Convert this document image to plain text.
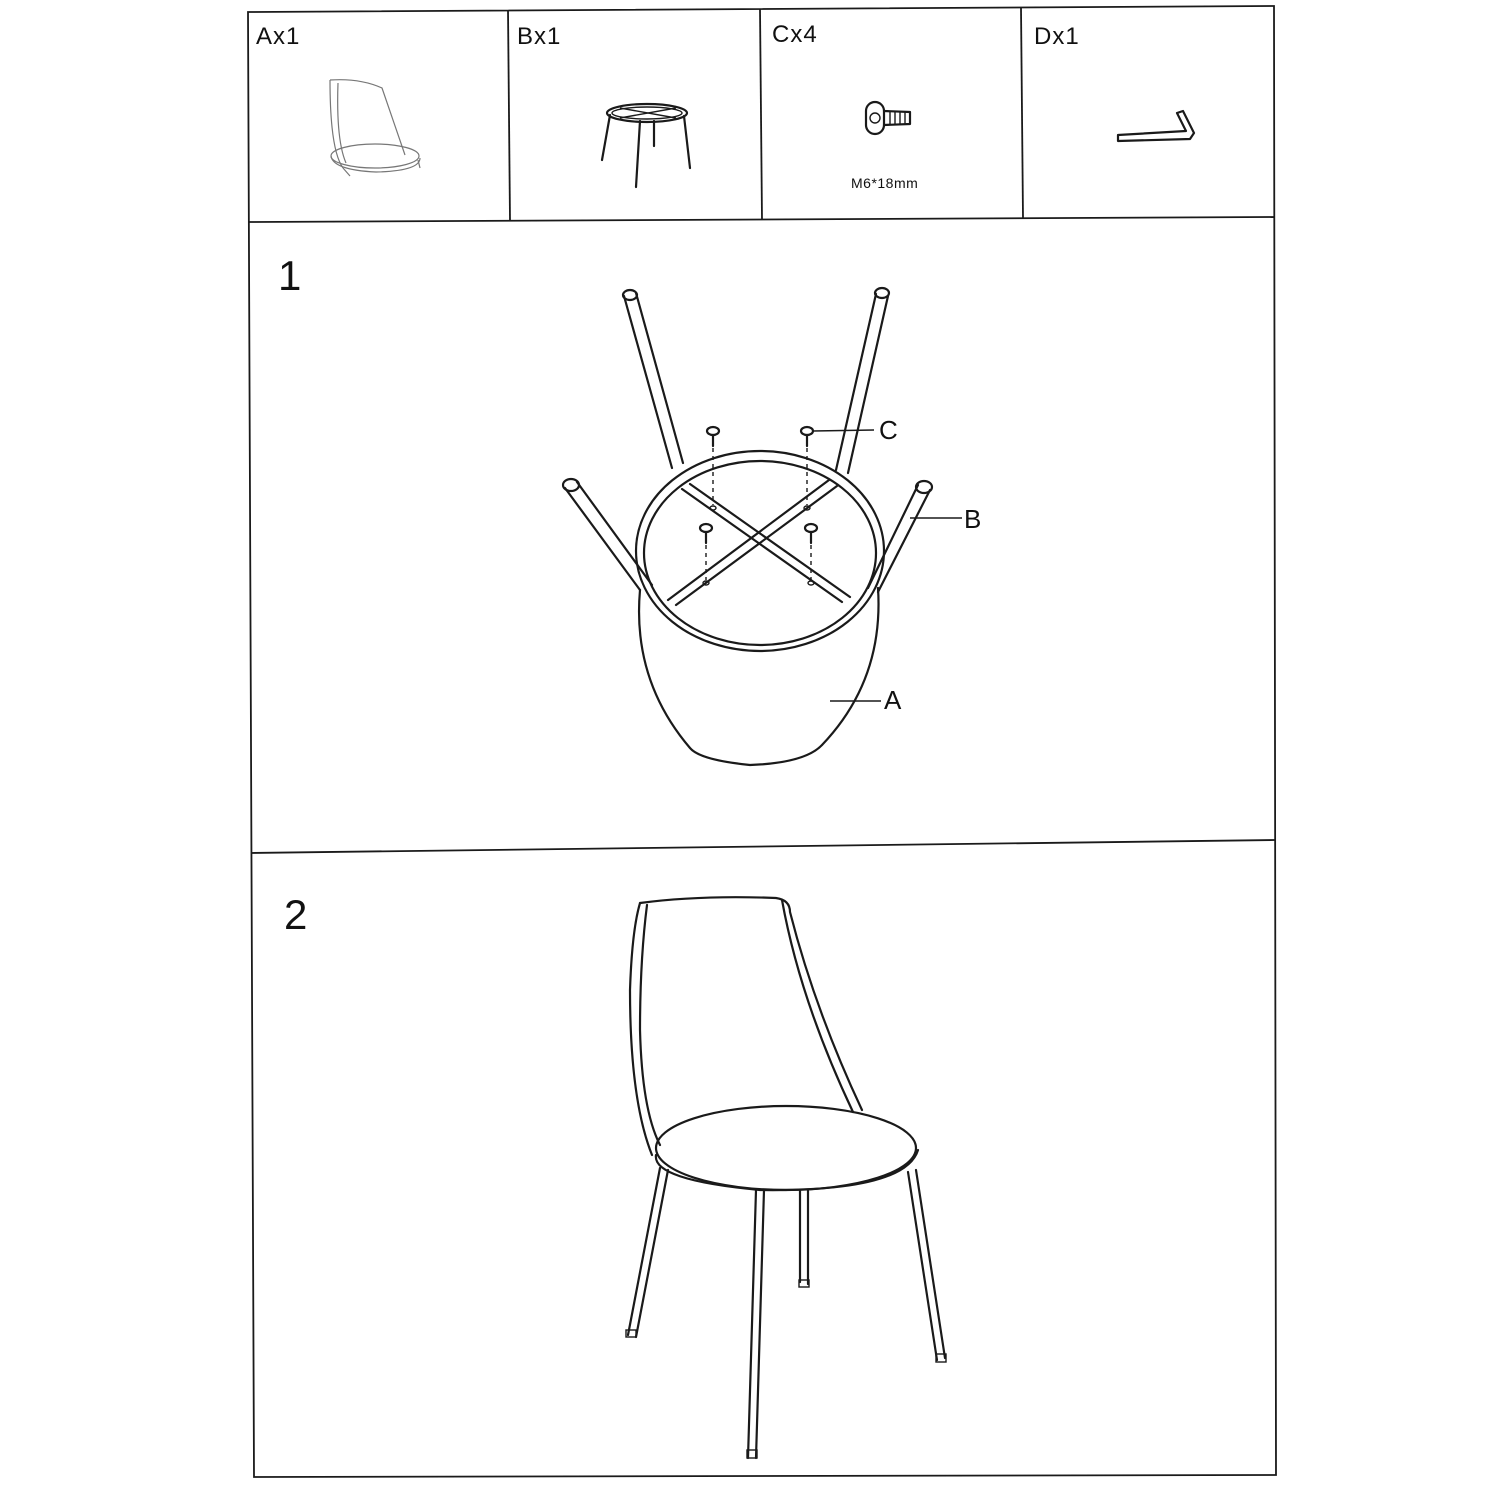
Ax1	Bx1	Cx4	Dx1
M6*18mm
1
2
C
B
A
